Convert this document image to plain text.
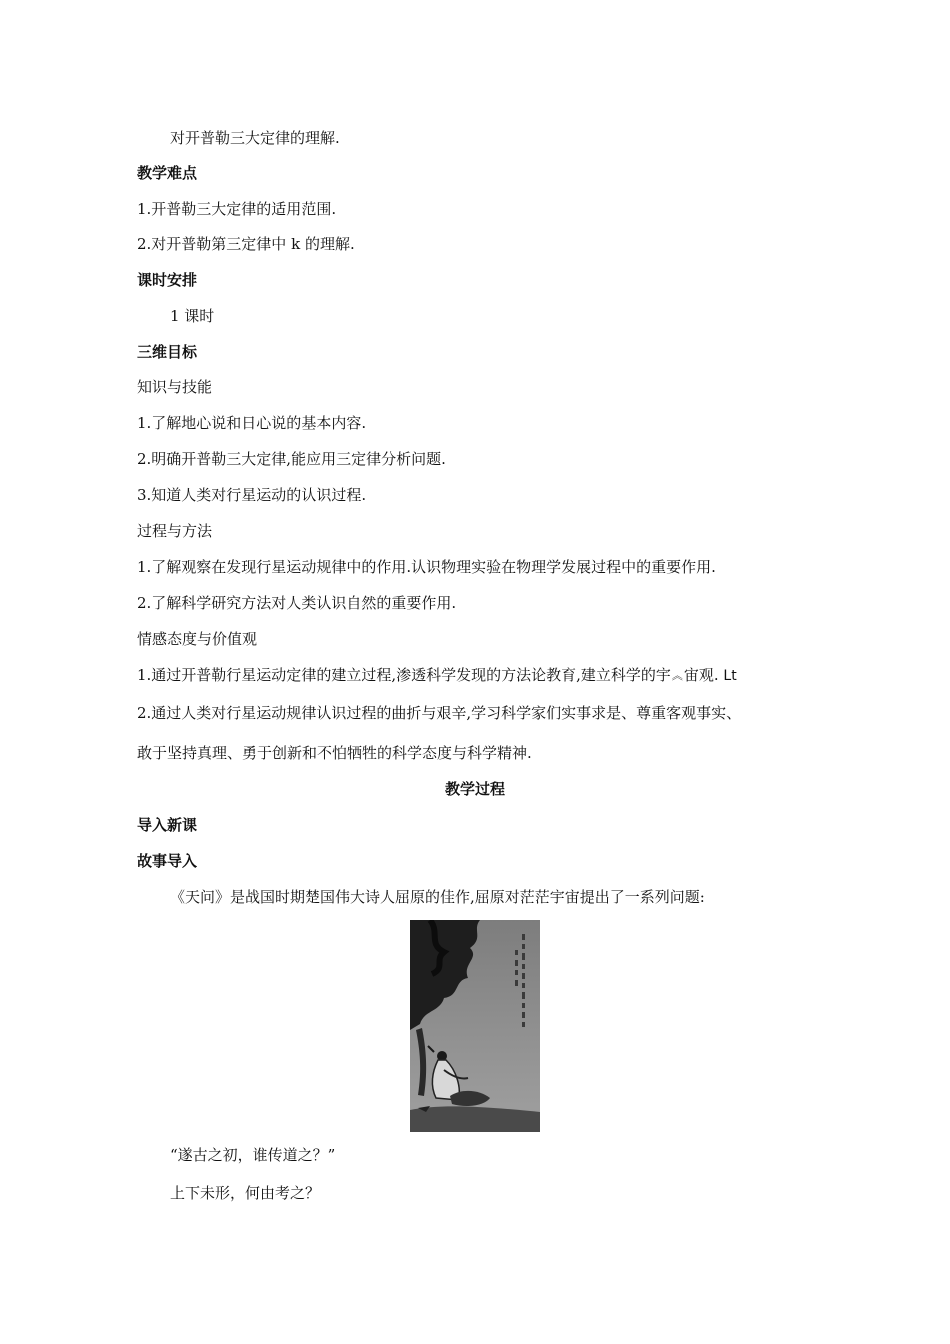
对开普勒三大定律的理解.
教学难点
1.开普勒三大定律的适用范围.
2.对开普勒第三定律中 k 的理解.
课时安排
1 课时
三维目标
知识与技能
1.了解地心说和日心说的基本内容.
2.明确开普勒三大定律,能应用三定律分析问题.
3.知道人类对行星运动的认识过程.
过程与方法
1.了解观察在发现行星运动规律中的作用.认识物理实验在物理学发展过程中的重要作用.
2.了解科学研究方法对人类认识自然的重要作用.
情感态度与价值观
1.通过开普勒行星运动定律的建立过程,渗透科学发现的方法论教育,建立科学的宇︽宙观. Lt
2.通过人类对行星运动规律认识过程的曲折与艰辛,学习科学家们实事求是、尊重客观事实、
敢于坚持真理、勇于创新和不怕牺牲的科学态度与科学精神.
教学过程
导入新课
故事导入
《天问》是战国时期楚国伟大诗人屈原的佳作,屈原对茫茫宇宙提出了一系列问题:
“遂古之初，谁传道之？”
上下未形，何由考之？
